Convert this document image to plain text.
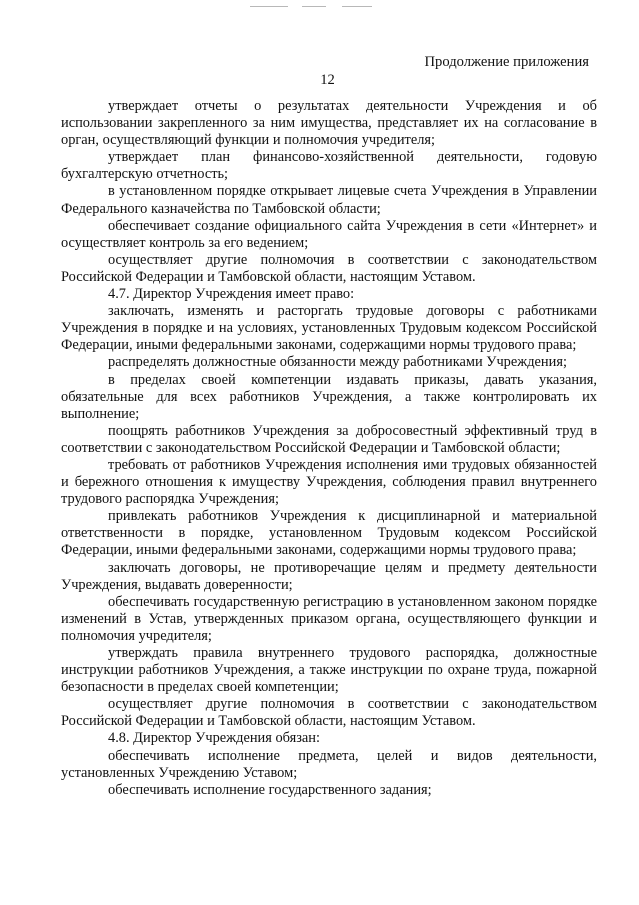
Продолжение приложения
12

утверждает отчеты о результатах деятельности Учреждения и об использовании закрепленного за ним имущества, представляет их на согласование в орган, осуществляющий функции и полномочия учредителя;

утверждает план финансово-хозяйственной деятельности, годовую бухгалтерскую отчетность;

в установленном порядке открывает лицевые счета Учреждения в Управлении Федерального казначейства по Тамбовской области;

обеспечивает создание официального сайта Учреждения в сети «Интернет» и осуществляет контроль за его ведением;

осуществляет другие полномочия в соответствии с законодательством Российской Федерации и Тамбовской области, настоящим Уставом.

4.7. Директор Учреждения имеет право:

заключать, изменять и расторгать трудовые договоры с работниками Учреждения в порядке и на условиях, установленных Трудовым кодексом Российской Федерации, иными федеральными законами, содержащими нормы трудового права;

распределять должностные обязанности между работниками Учреждения;

в пределах своей компетенции издавать приказы, давать указания, обязательные для всех работников Учреждения, а также контролировать их выполнение;

поощрять работников Учреждения за добросовестный эффективный труд в соответствии с законодательством Российской Федерации и Тамбовской области;

требовать от работников Учреждения исполнения ими трудовых обязанностей и бережного отношения к имуществу Учреждения, соблюдения правил внутреннего трудового распорядка Учреждения;

привлекать работников Учреждения к дисциплинарной и материальной ответственности в порядке, установленном Трудовым кодексом Российской Федерации, иными федеральными законами, содержащими нормы трудового права;

заключать договоры, не противоречащие целям и предмету деятельности Учреждения, выдавать доверенности;

обеспечивать государственную регистрацию в установленном законом порядке изменений в Устав, утвержденных приказом органа, осуществляющего функции и полномочия учредителя;

утверждать правила внутреннего трудового распорядка, должностные инструкции работников Учреждения, а также инструкции по охране труда, пожарной безопасности в пределах своей компетенции;

осуществляет другие полномочия в соответствии с законодательством Российской Федерации и Тамбовской области, настоящим Уставом.

4.8. Директор Учреждения обязан:

обеспечивать исполнение предмета, целей и видов деятельности, установленных Учреждению Уставом;

обеспечивать исполнение государственного задания;
